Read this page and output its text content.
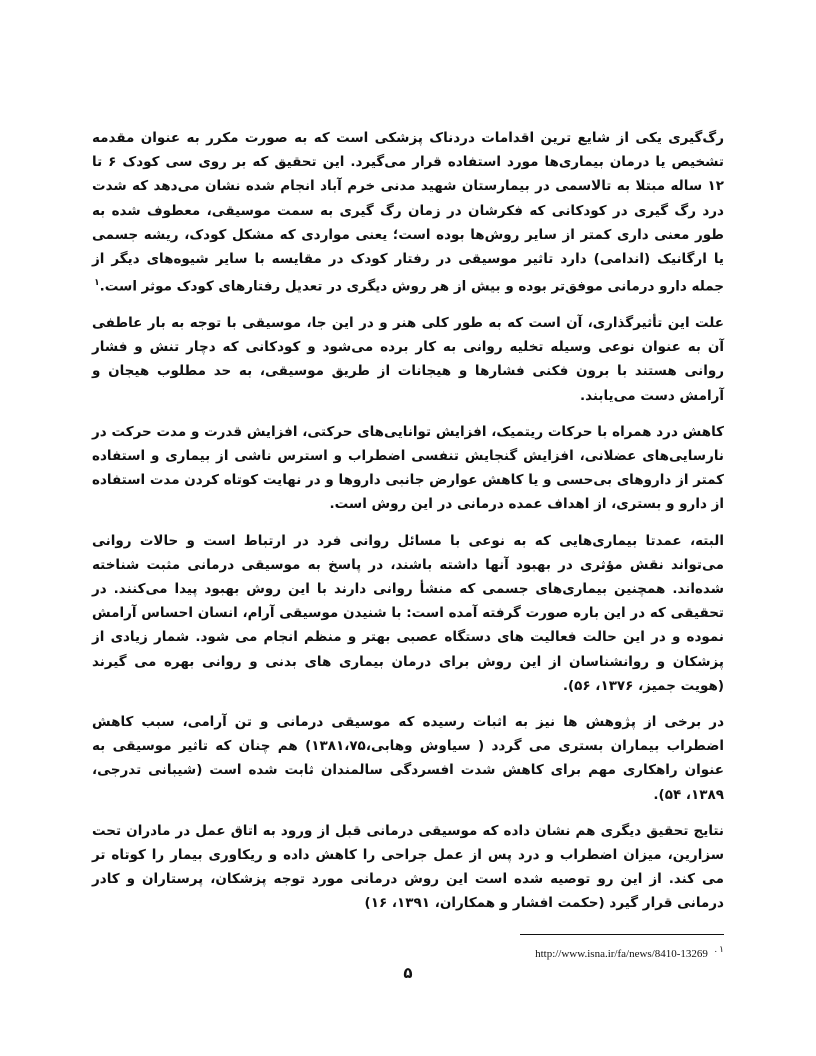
رگ‌گیری یکی از شایع ترین اقدامات دردناک پزشکی است که به صورت مکرر به عنوان مقدمه تشخیص یا درمان بیماری‌ها مورد استفاده قرار می‌گیرد. این تحقیق که بر روی سی کودک ۶ تا ۱۲ ساله مبتلا به تالاسمی در بیمارستان شهید مدنی خرم آباد انجام شده نشان می‌دهد که شدت درد رگ گیری در کودکانی که فکرشان در زمان رگ گیری به سمت موسیقی، معطوف شده به طور معنی داری کمتر از سایر روش‌ها بوده است؛ یعنی مواردی که مشکل کودک، ریشه جسمی یا ارگانیک (اندامی) دارد تاثیر موسیقی در رفتار کودک در مقایسه با سایر شیوه‌های دیگر از جمله دارو درمانی موفق‌تر بوده و بیش از هر روش دیگری در تعدیل رفتارهای کودک موثر است.$^۱$

علت این تأثیرگذاری، آن است که به طور کلی هنر و در این جا، موسیقی با توجه به بار عاطفی آن به عنوان نوعی وسیله تخلیه روانی به کار برده می‌شود و کودکانی که دچار تنش و فشار روانی هستند با برون فکنی فشارها و هیجانات از طریق موسیقی، به حد مطلوب هیجان و آرامش دست می‌یابند.

کاهش درد همراه با حرکات ریتمیک، افزایش توانایی‌های حرکتی، افزایش قدرت و مدت حرکت در نارسایی‌های عضلانی، افزایش گنجایش تنفسی اضطراب و استرس ناشی از بیماری و استفاده کمتر از داروهای بی‌حسی و یا کاهش عوارض جانبی داروها و در نهایت کوتاه کردن مدت استفاده از دارو و بستری، از اهداف عمده درمانی در این روش است.

البته، عمدتا بیماری‌هایی که به نوعی با مسائل روانی فرد در ارتباط است و حالات روانی می‌تواند نقش مؤثری در بهبود آنها داشته باشند، در پاسخ به موسیقی درمانی مثبت شناخته شده‌اند. همچنین بیماری‌های جسمی که منشأ روانی دارند با این روش بهبود پیدا می‌کنند. در تحقیقی که در این باره صورت گرفته آمده است: با شنیدن موسیقی آرام، انسان احساس آرامش نموده و در این حالت فعالیت های دستگاه عصبی بهتر و منظم انجام می شود. شمار زیادی از پزشکان و روانشناسان از این روش برای درمان بیماری های بدنی و روانی بهره می گیرند (هویت جمیز، ۱۳۷۶، ۵۶).

در برخی از پژوهش ها نیز به اثبات رسیده که موسیقی درمانی و تن آرامی، سبب کاهش اضطراب بیماران بستری می گردد ( سیاوش وهابی،۱۳۸۱،۷۵) هم چنان که تاثیر موسیقی به عنوان راهکاری مهم برای کاهش شدت افسردگی سالمندان ثابت شده است (شیبانی تدرجی، ۱۳۸۹، ۵۴).

نتایج تحقیق دیگری هم نشان داده که موسیقی درمانی قبل از ورود به اتاق عمل در مادران تحت سزارین، میزان اضطراب و درد پس از عمل جراحی را کاهش داده و ریکاوری بیمار را کوتاه تر می کند. از این رو توصیه شده است این روش درمانی مورد توجه پزشکان، پرستاران و کادر درمانی قرار گیرد (حکمت افشار و همکاران، ۱۳۹۱، ۱۶)

$^{۱ .}$ http://www.isna.ir/fa/news/8410-13269
۵
